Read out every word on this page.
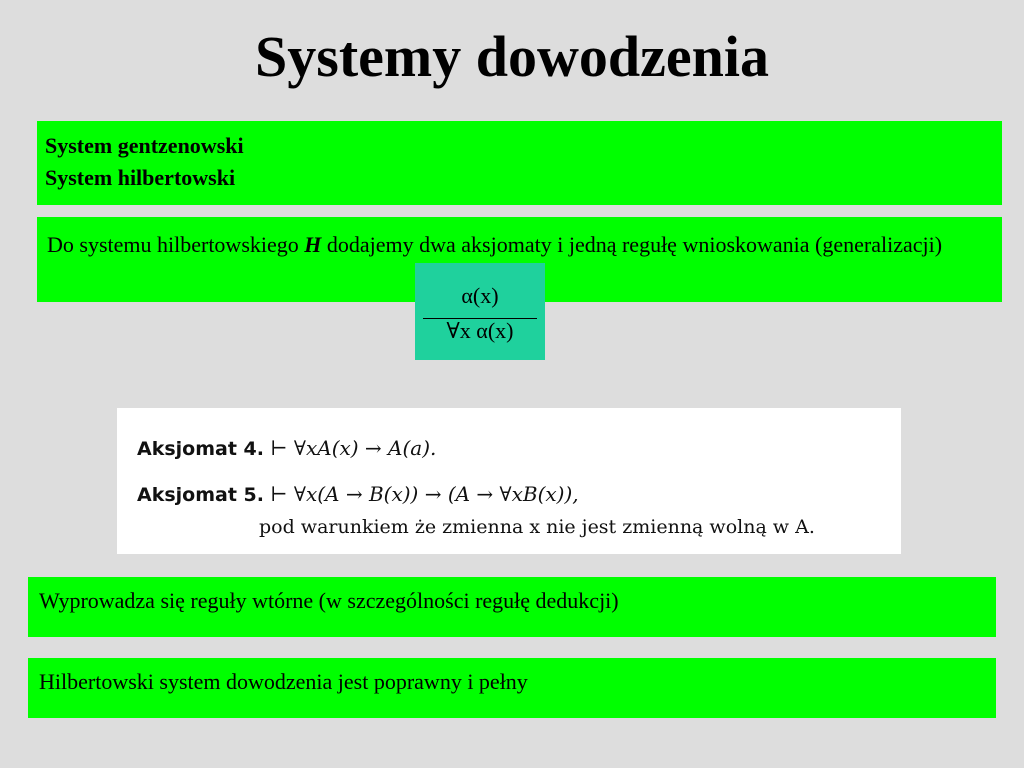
Systemy dowodzenia
System gentzenowski
System hilbertowski
Do systemu hilbertowskiego H dodajemy dwa aksjomaty i jedną regułę wnioskowania (generalizacji)
α(x)
∀x α(x)
Aksjomat 4. ⊢ ∀xA(x) → A(a).
Aksjomat 5. ⊢ ∀x(A → B(x)) → (A → ∀xB(x)),
pod warunkiem że zmienna x nie jest zmienną wolną w A.
Wyprowadza się reguły wtórne (w szczególności regułę dedukcji)
Hilbertowski system dowodzenia jest poprawny i pełny
